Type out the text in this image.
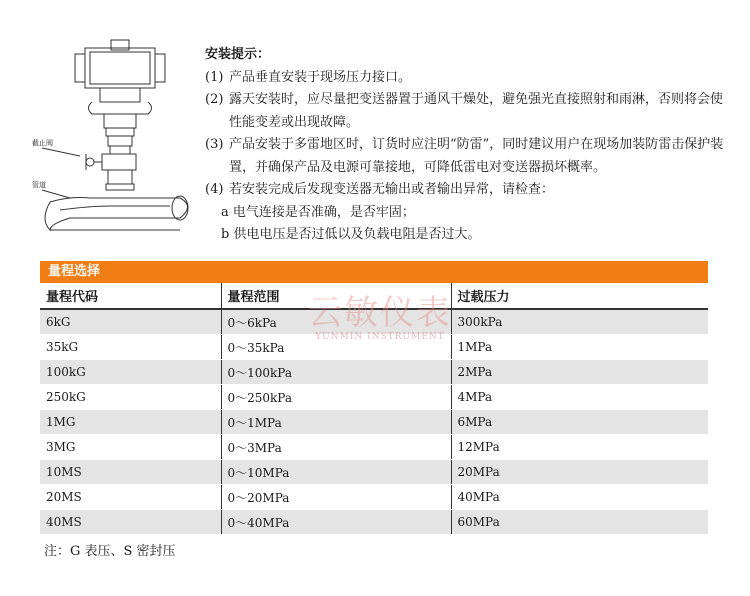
截止阀
管道
安装提示：
(1) 产品垂直安装于现场压力接口。
(2) 露天安装时，应尽量把变送器置于通风干燥处，避免强光直接照射和雨淋，否则将会使性能变差或出现故障。
(3) 产品安装于多雷地区时，订货时应注明“防雷”，同时建议用户在现场加装防雷击保护装置，并确保产品及电源可靠接地，可降低雷电对变送器损坏概率。
(4) 若安装完成后发现变送器无输出或者输出异常，请检查：
a 电气连接是否准确，是否牢固；
b 供电电压是否过低以及负载电阻是否过大。
量程选择
量程代码	量程范围	过载压力
6kG	0～6kPa	300kPa
35kG	0～35kPa	1MPa
100kG	0～100kPa	2MPa
250kG	0～250kPa	4MPa
1MG	0～1MPa	6MPa
3MG	0～3MPa	12MPa
10MS	0～10MPa	20MPa
20MS	0～20MPa	40MPa
40MS	0～40MPa	60MPa
云敏仪表
YUNMIN INSTRUMENT
注：G 表压、S 密封压
